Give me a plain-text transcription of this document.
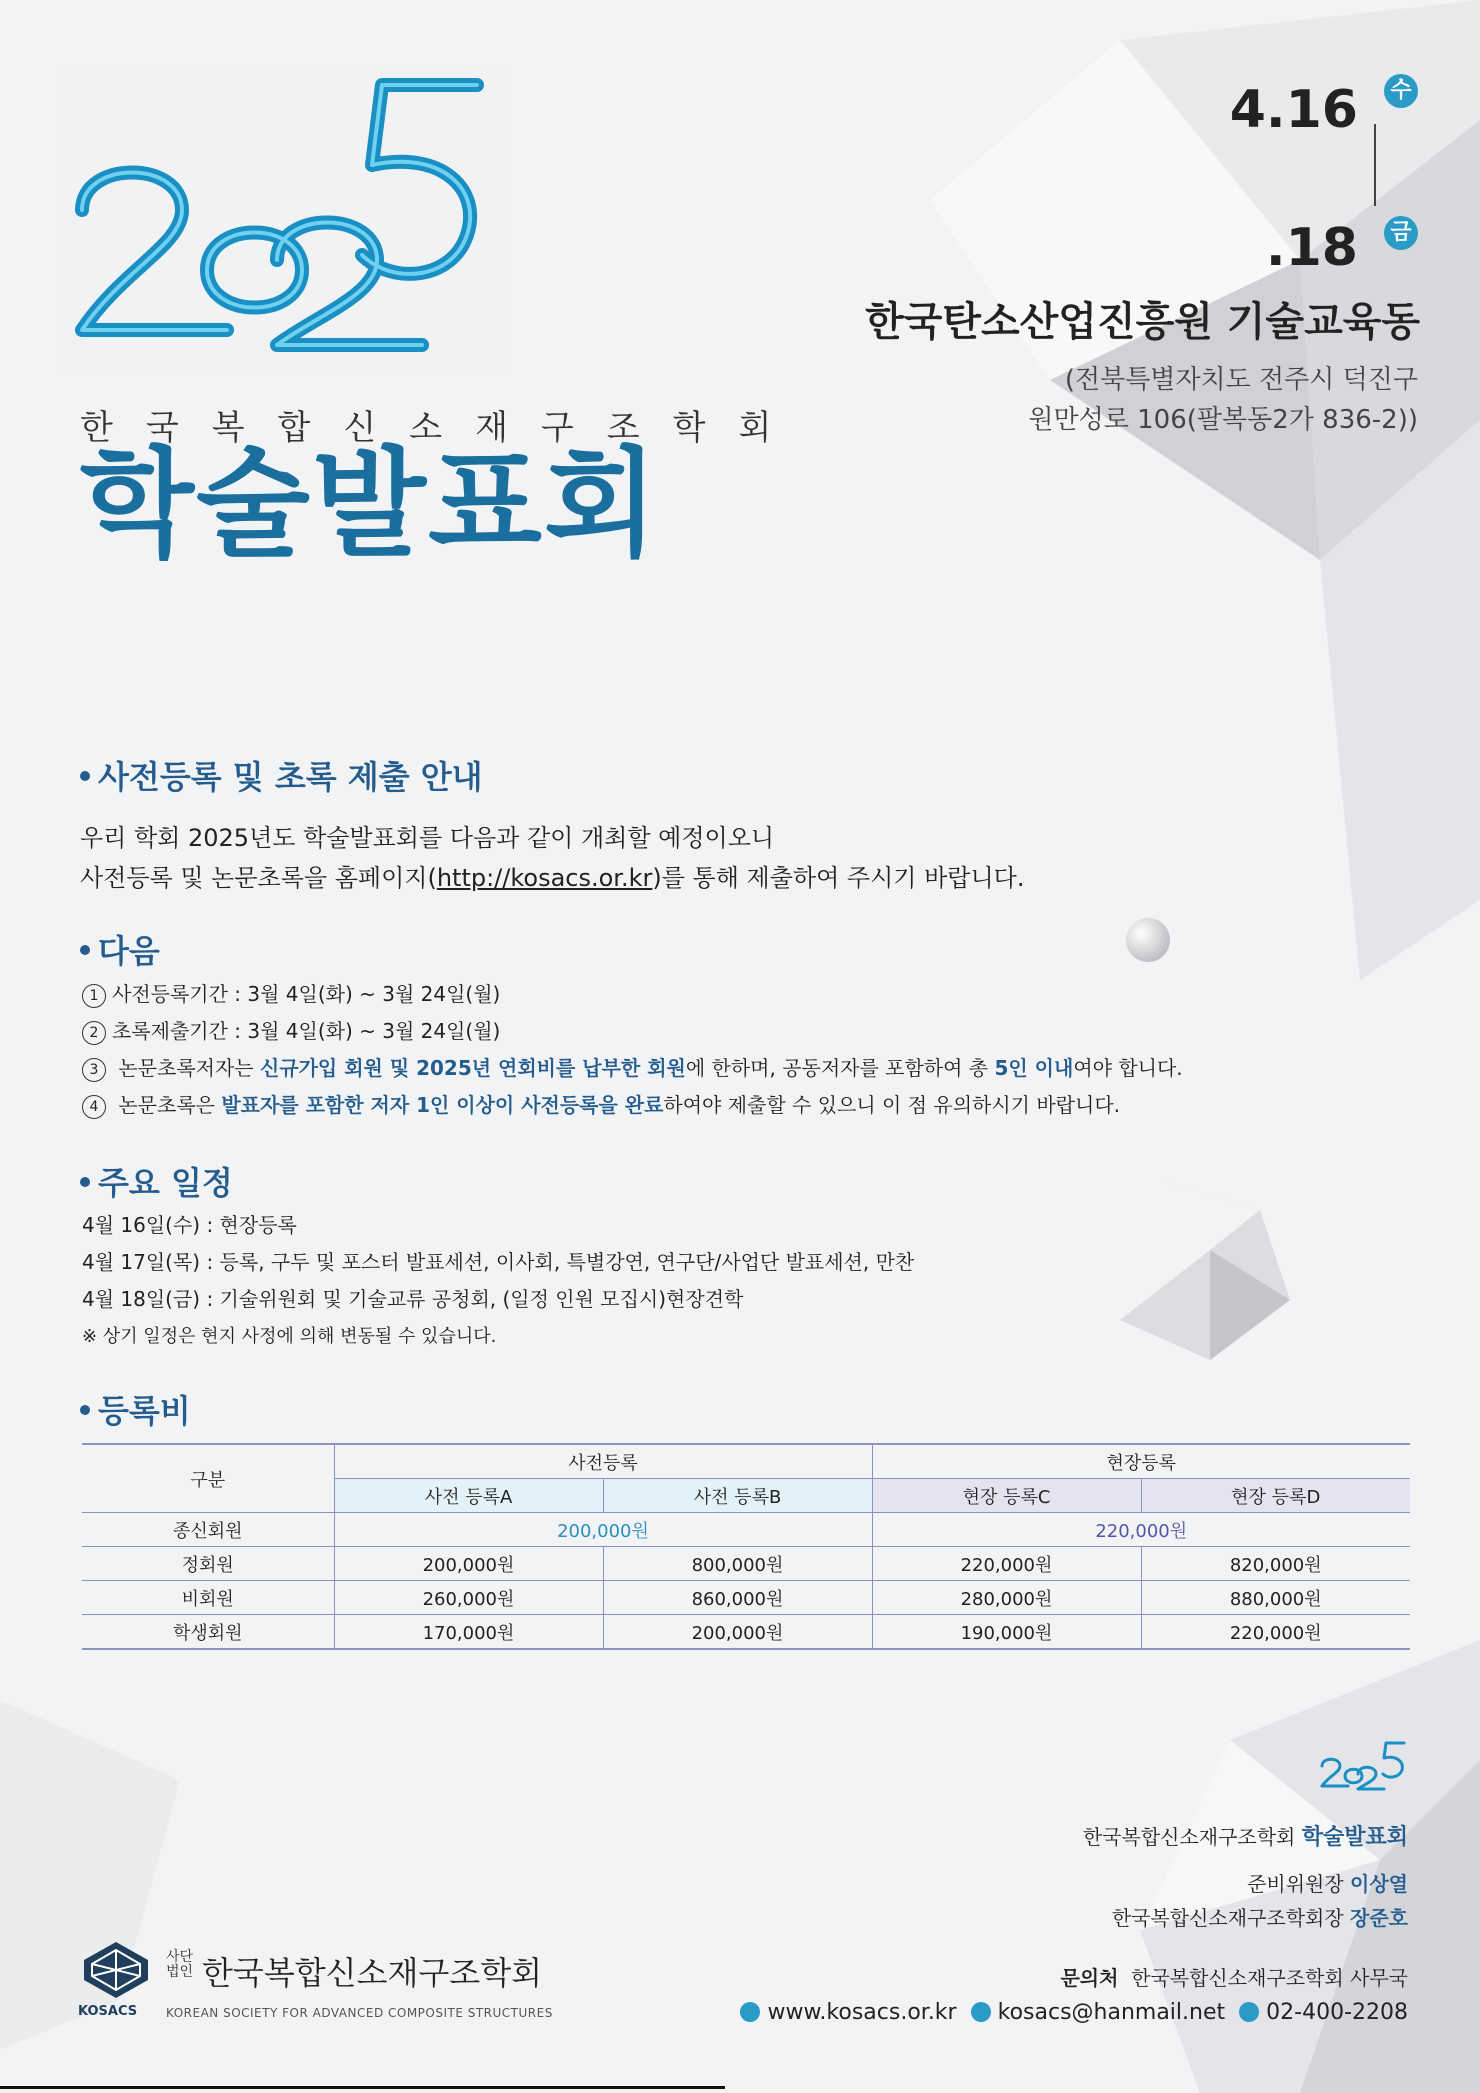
한국복합신소재구조학회
학술발표회
4.16 수
.18 금
한국탄소산업진흥원 기술교육동
(전북특별자치도 전주시 덕진구
원만성로 106(팔복동2가 836-2))
사전등록 및 초록 제출 안내
우리 학회 2025년도 학술발표회를 다음과 같이 개최할 예정이오니
사전등록 및 논문초록을 홈페이지(http://kosacs.or.kr)를 통해 제출하여 주시기 바랍니다.
다음
1 사전등록기간 : 3월 4일(화) ~ 3월 24일(월)
2 초록제출기간 : 3월 4일(화) ~ 3월 24일(월)
3 논문초록저자는 신규가입 회원 및 2025년 연회비를 납부한 회원에 한하며, 공동저자를 포함하여 총 5인 이내여야 합니다.
4 논문초록은 발표자를 포함한 저자 1인 이상이 사전등록을 완료하여야 제출할 수 있으니 이 점 유의하시기 바랍니다.
주요 일정
4월 16일(수) : 현장등록
4월 17일(목) : 등록, 구두 및 포스터 발표세션, 이사회, 특별강연, 연구단/사업단 발표세션, 만찬
4월 18일(금) : 기술위원회 및 기술교류 공청회, (일정 인원 모집시)현장견학
※ 상기 일정은 현지 사정에 의해 변동될 수 있습니다.
등록비
구분	사전등록		현장등록	
	사전 등록A	사전 등록B	현장 등록C	현장 등록D
종신회원	200,000원		220,000원	
정회원	200,000원	800,000원	220,000원	820,000원
비회원	260,000원	860,000원	280,000원	880,000원
학생회원	170,000원	200,000원	190,000원	220,000원
한국복합신소재구조학회 학술발표회
준비위원장 이상열
한국복합신소재구조학회장 장준호
문의처 한국복합신소재구조학회 사무국
www.kosacs.or.kr kosacs@hanmail.net 02-400-2208
KOSACS
사단법인 한국복합신소재구조학회
KOREAN SOCIETY FOR ADVANCED COMPOSITE STRUCTURES
